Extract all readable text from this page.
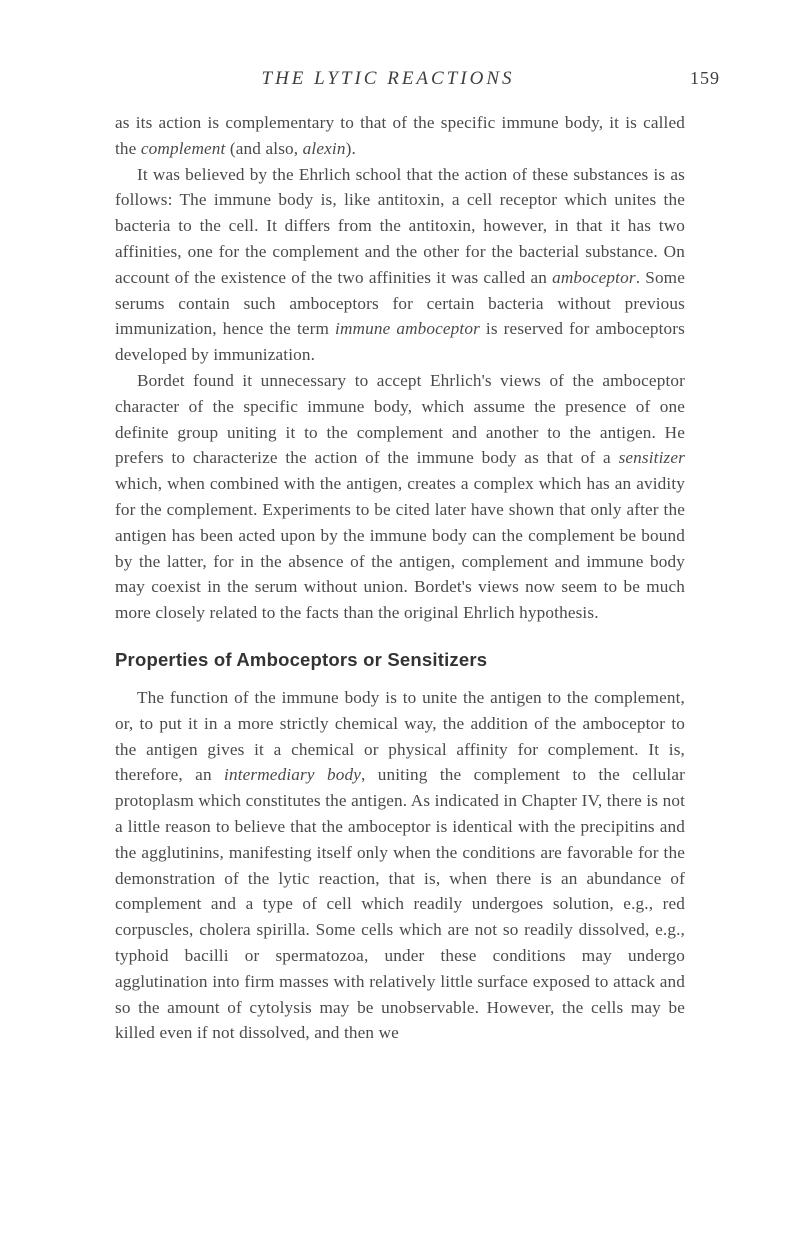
THE LYTIC REACTIONS	159

as its action is complementary to that of the specific immune body, it is called the complement (and also, alexin).

It was believed by the Ehrlich school that the action of these substances is as follows: The immune body is, like antitoxin, a cell receptor which unites the bacteria to the cell. It differs from the antitoxin, however, in that it has two affinities, one for the complement and the other for the bacterial substance. On account of the existence of the two affinities it was called an amboceptor. Some serums contain such amboceptors for certain bacteria without previous immunization, hence the term immune amboceptor is reserved for amboceptors developed by immunization.

Bordet found it unnecessary to accept Ehrlich's views of the amboceptor character of the specific immune body, which assume the presence of one definite group uniting it to the complement and another to the antigen. He prefers to characterize the action of the immune body as that of a sensitizer which, when combined with the antigen, creates a complex which has an avidity for the complement. Experiments to be cited later have shown that only after the antigen has been acted upon by the immune body can the complement be bound by the latter, for in the absence of the antigen, complement and immune body may coexist in the serum without union. Bordet's views now seem to be much more closely related to the facts than the original Ehrlich hypothesis.

Properties of Amboceptors or Sensitizers

The function of the immune body is to unite the antigen to the complement, or, to put it in a more strictly chemical way, the addition of the amboceptor to the antigen gives it a chemical or physical affinity for complement. It is, therefore, an intermediary body, uniting the complement to the cellular protoplasm which constitutes the antigen. As indicated in Chapter IV, there is not a little reason to believe that the amboceptor is identical with the precipitins and the agglutinins, manifesting itself only when the conditions are favorable for the demonstration of the lytic reaction, that is, when there is an abundance of complement and a type of cell which readily undergoes solution, e.g., red corpuscles, cholera spirilla. Some cells which are not so readily dissolved, e.g., typhoid bacilli or spermatozoa, under these conditions may undergo agglutination into firm masses with relatively little surface exposed to attack and so the amount of cytolysis may be unobservable. However, the cells may be killed even if not dissolved, and then we
